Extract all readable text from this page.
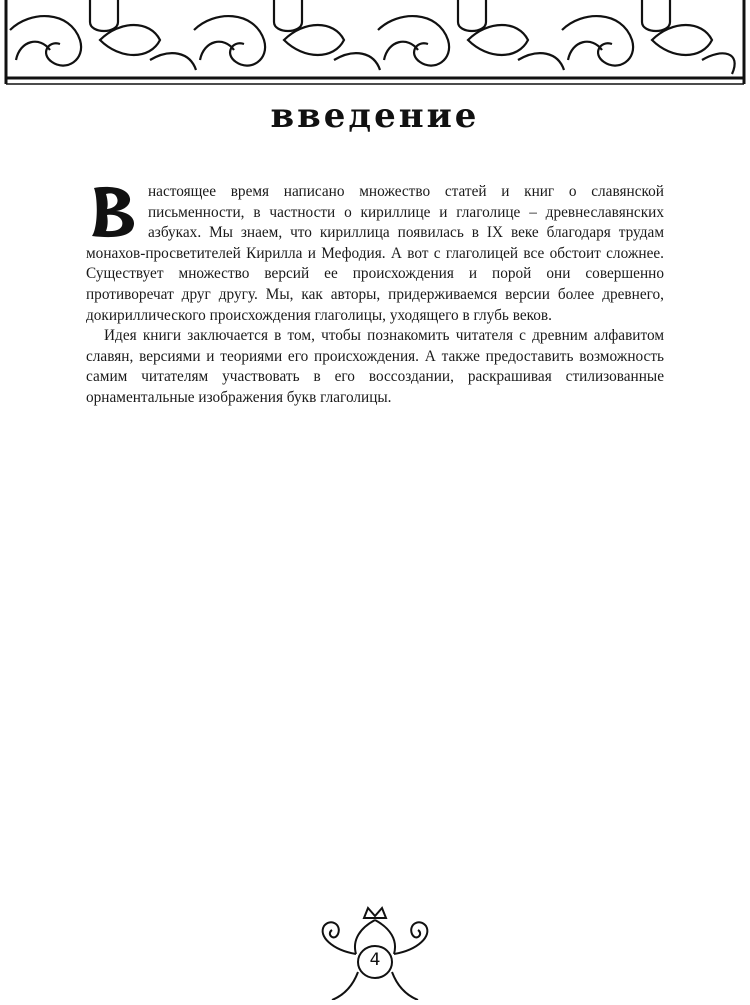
введение

настоящее время написано множество статей и книг о славянской письменности, в частности о кириллице и глаголице – древнеславянских азбуках. Мы знаем, что кириллица появилась в IX веке благодаря трудам монахов-просветителей Кирилла и Мефодия. А вот с глаголицей все обстоит сложнее. Существует множество версий ее происхождения и порой они совершенно противоречат друг другу. Мы, как авторы, придерживаемся версии более древнего, докириллического происхождения глаголицы, уходящего в глубь веков.

Идея книги заключается в том, чтобы познакомить читателя с древним алфавитом славян, версиями и теориями его происхождения. А также предоставить возможность самим читателям участвовать в его воссоздании, раскрашивая стилизованные орнаментальные изображения букв глаголицы.

4
